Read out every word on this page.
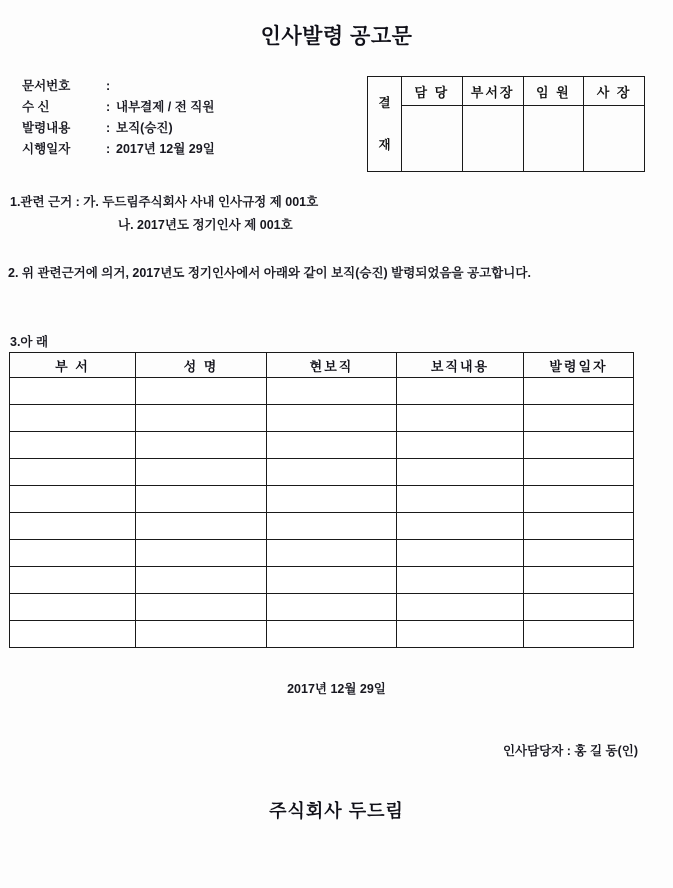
인사발령 공고문
문서번호	:
수 신	: 내부결제 / 전 직원
발령내용	: 보직(승진)
시행일자	: 2017년 12월 29일
결
재
담 당	부서장	임 원	사 장
1.관련 근거 : 가. 두드림주식회사 사내 인사규정 제 001호
나. 2017년도 정기인사 제 001호
2. 위 관련근거에 의거, 2017년도 정기인사에서 아래와 같이 보직(승진) 발령되었음을 공고합니다.
3.아 래
부 서	성 명	현보직	보직내용	발령일자

2017년 12월 29일
인사담당자 : 홍 길 동(인)
주식회사 두드림
